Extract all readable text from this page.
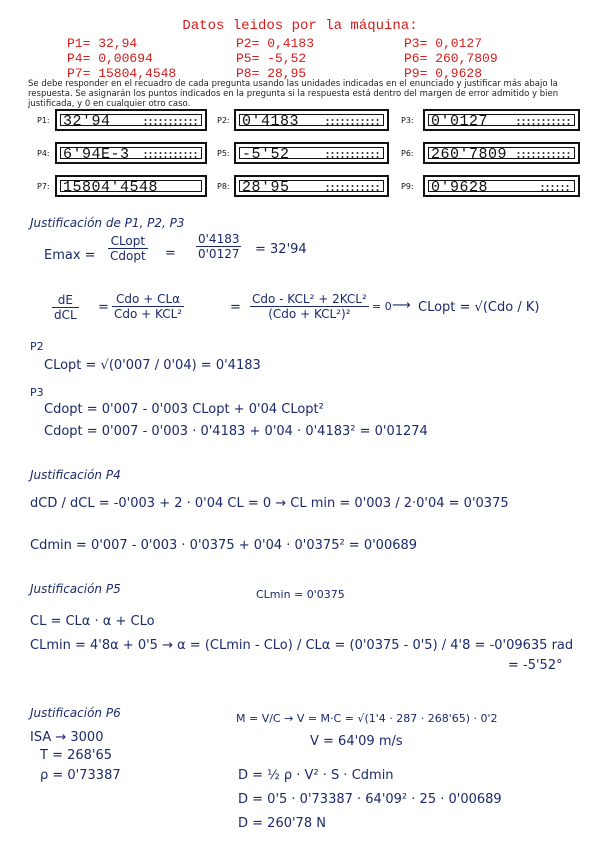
Datos leidos por la máquina:
P1= 32,94	P2= 0,4183	P3= 0,0127
P4= 0,00694	P5= -5,52	P6= 260,7809
P7= 15804,4548	P8= 28,95	P9= 0,9628
Se debe responder en el recuadro de cada pregunta usando las unidades indicadas en el enunciado y justificar más abajo la respuesta. Se asignarán los puntos indicados en la pregunta si la respuesta está dentro del margen de error admitido y bien justificada, y 0 en cualquier otro caso.
P1: 32'94	P2: 0'4183	P3: 0'0127
P4: 6'94E-3	P5: -5'52	P6: 260'7809
P7: 15804'4548	P8: 28'95	P9: 0'9628
Justificación de P1, P2, P3
Emax =
CLopt
Cdopt = $\frac{0'4183}{0'0127} = 32'94$
dE
dCL =
Cdo + CLα
Cdo + KCL²	=
Cdo - KCL² + 2KCL²
(Cdo + KCL²)²
= 0 ⟶ CLopt = √(Cdo / K)
P2
CLopt = √(0'007 / 0'04) = 0'4183
P3
Cdopt = 0'007 - 0'003 CLopt + 0'04 CLopt²
Cdopt = 0'007 - 0'003 · 0'4183 + 0'04 · 0'4183² = 0'01274
Justificación P4
dCD / dCL = -0'003 + 2 · 0'04 CL = 0 → CL min = 0'003 / 2·0'04 = 0'0375
Cdmin = 0'007 - 0'003 · 0'0375 + 0'04 · 0'0375² = 0'00689
Justificación P5	CLmin = 0'0375
CL = CLα · α + CLo
CLmin = 4'8α + 0'5 → α = (CLmin - CLo) / CLα = (0'0375 - 0'5) / 4'8 = -0'09635 rad
= -5'52°
Justificación P6
ISA → 3000
T = 268'65
ρ = 0'73387
M = V/C → V = M·C = √(1'4 · 287 · 268'65) · 0'2
V = 64'09 m/s
D = ½ ρ · V² · S · Cdmin
D = 0'5 · 0'73387 · 64'09² · 25 · 0'00689
D = 260'78 N
